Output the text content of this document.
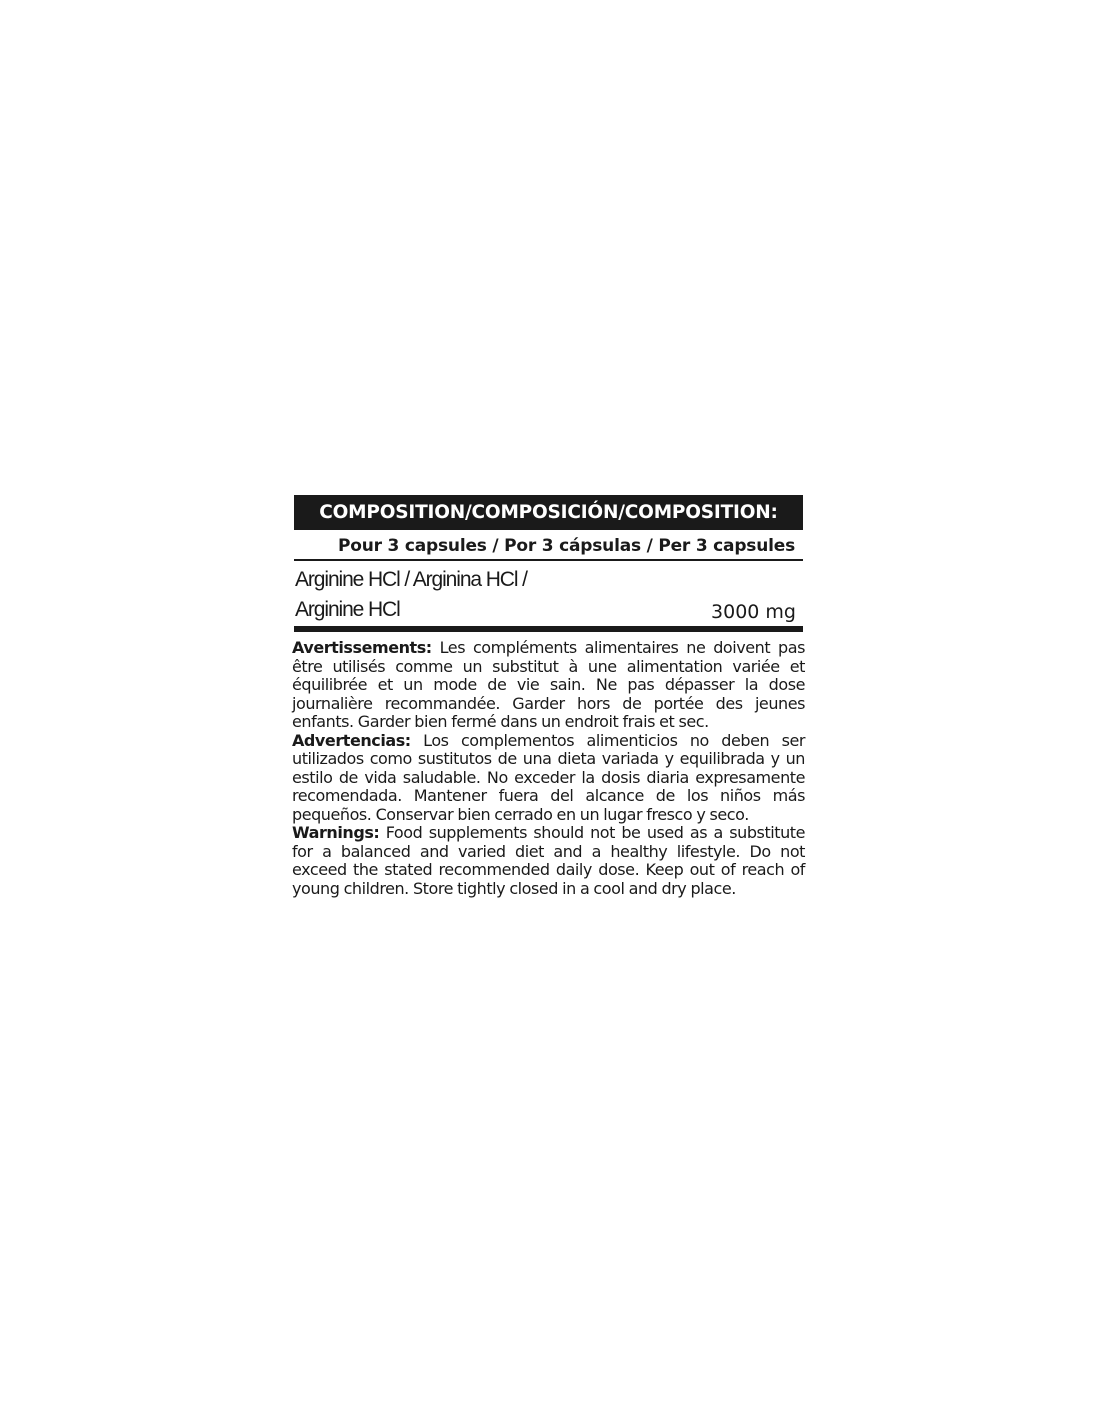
COMPOSITION/COMPOSICIÓN/COMPOSITION:
Pour 3 capsules / Por 3 cápsulas / Per 3 capsules
Arginine HCl / Arginina HCl /
Arginine HCl	3000 mg

Avertissements: Les compléments alimentaires ne doivent pas être utilisés comme un substitut à une alimentation variée et équilibrée et un mode de vie sain. Ne pas dépasser la dose journalière recommandée. Garder hors de portée des jeunes enfants. Garder bien fermé dans un endroit frais et sec.

Advertencias: Los complementos alimenticios no deben ser utilizados como sustitutos de una dieta variada y equilibrada y un estilo de vida saludable. No exceder la dosis diaria expresamente recomendada. Mantener fuera del alcance de los niños más pequeños. Conservar bien cerrado en un lugar fresco y seco.

Warnings: Food supplements should not be used as a substitute for a balanced and varied diet and a healthy lifestyle. Do not exceed the stated recommended daily dose. Keep out of reach of young children. Store tightly closed in a cool and dry place.
